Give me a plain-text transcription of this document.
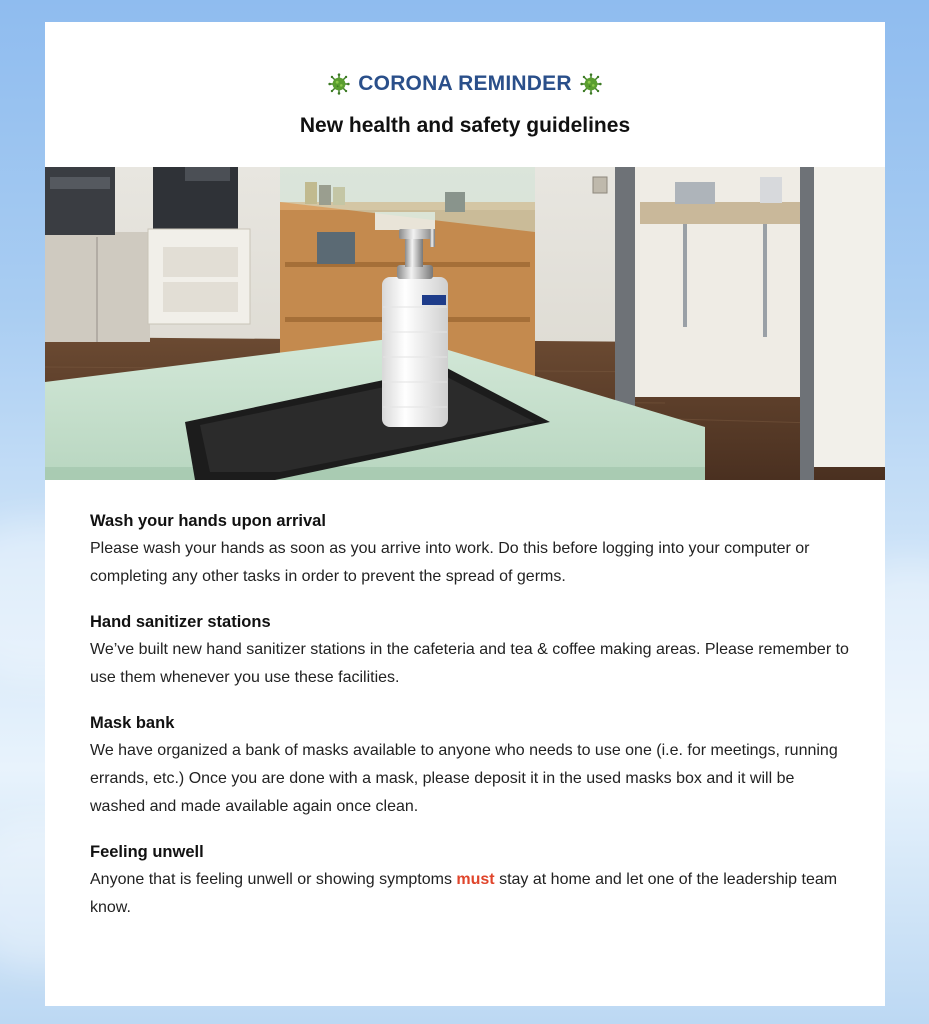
CORONA REMINDER
New health and safety guidelines
Wash your hands upon arrival

Please wash your hands as soon as you arrive into work. Do this before logging into your computer or completing any other tasks in order to prevent the spread of germs.

Hand sanitizer stations

We’ve built new hand sanitizer stations in the cafeteria and tea & coffee making areas. Please remember to use them whenever you use these facilities.

Mask bank

We have organized a bank of masks available to anyone who needs to use one (i.e. for meetings, running errands, etc.) Once you are done with a mask, please deposit it in the used masks box and it will be washed and made available again once clean.

Feeling unwell

Anyone that is feeling unwell or showing symptoms must stay at home and let one of the leadership team know.
